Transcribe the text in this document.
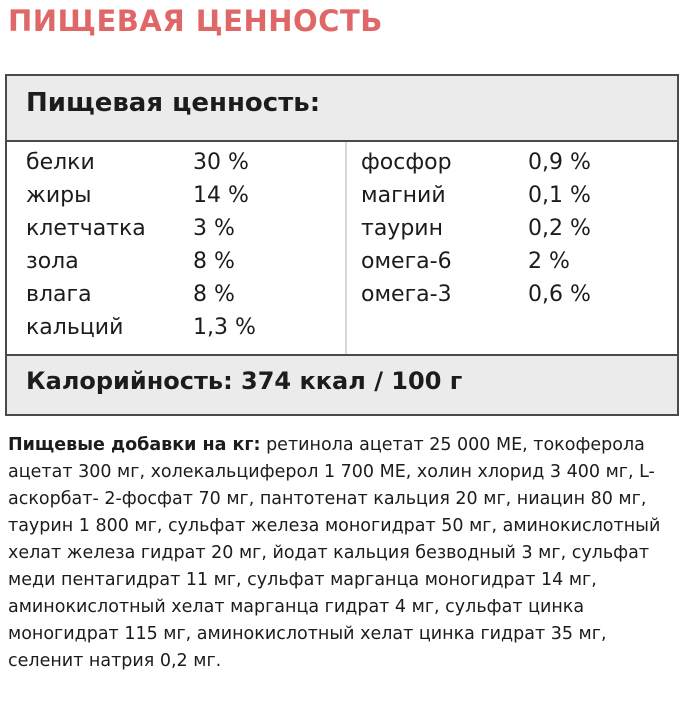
ПИЩЕВАЯ ЦЕННОСТЬ
Пищевая ценность:
белки	30 %
жиры	14 %
клетчатка 3 %
зола	8 %
влага	8 %
кальций	1,3 %
фосфор	0,9 %
магний	0,1 %
таурин	0,2 %
омега-6	2 %
омега-3	0,6 %
Калорийность: 374 ккал / 100 г
Пищевые добавки на кг: ретинола ацетат 25 000 МЕ, токоферола ацетат 300 мг, холекальциферол 1 700 МЕ, холин хлорид 3 400 мг, L-аскорбат- 2-фосфат 70 мг, пантотенат кальция 20 мг, ниацин 80 мг, таурин 1 800 мг, сульфат железа моногидрат 50 мг, аминокислотный хелат железа гидрат 20 мг, йодат кальция безводный 3 мг, сульфат меди пентагидрат 11 мг, сульфат марганца моногидрат 14 мг, аминокислотный хелат марганца гидрат 4 мг, сульфат цинка моногидрат 115 мг, аминокислотный хелат цинка гидрат 35 мг, селенит натрия 0,2 мг.
